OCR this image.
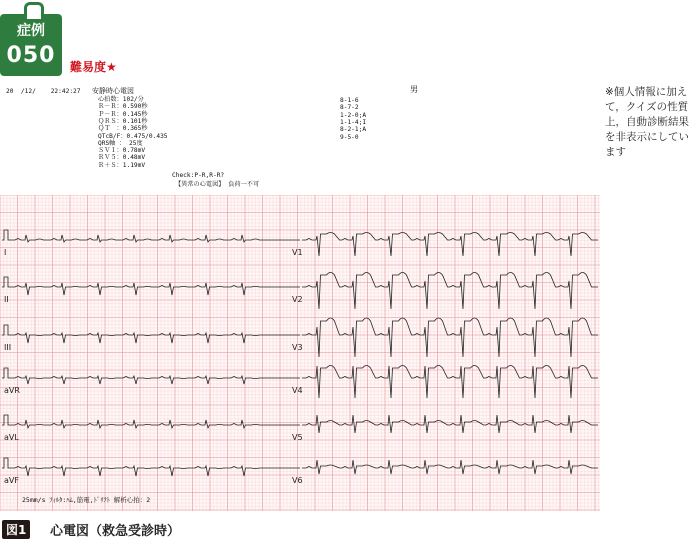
症例
050	難易度★
※個人情報に加えて，クイズの性質上，自動診断結果を非表示にしています
20  /12/    22:42:27 安静時心電図	男
心拍数：102/分
Ｒ－Ｒ：0.590秒
Ｐ－Ｒ：0.145秒
ＱＲＳ：0.101秒
ＱＴ　：0.365秒
QTcB/F：0.475/0.435
QRS軸 ： 25度
ＳＶ１：0.78mV
ＲＶ５：0.48mV
Ｒ＋Ｓ：1.19mV
8-1-6
8-7-2
1-2-0;A
1-1-4;I
8-2-1;A
9-5-0
Check:P-R,R-R?
【異常の心電図】 負荷一不可
I	V1
II	V2
III	V3
aVR	V4
aVL	V5
aVF	V6
25mm/s ﾌｨﾙﾀ:ﾊﾑ,筋電,ﾄﾞﾘﾌﾄ 解析心拍：2
図1	心電図（救急受診時）
